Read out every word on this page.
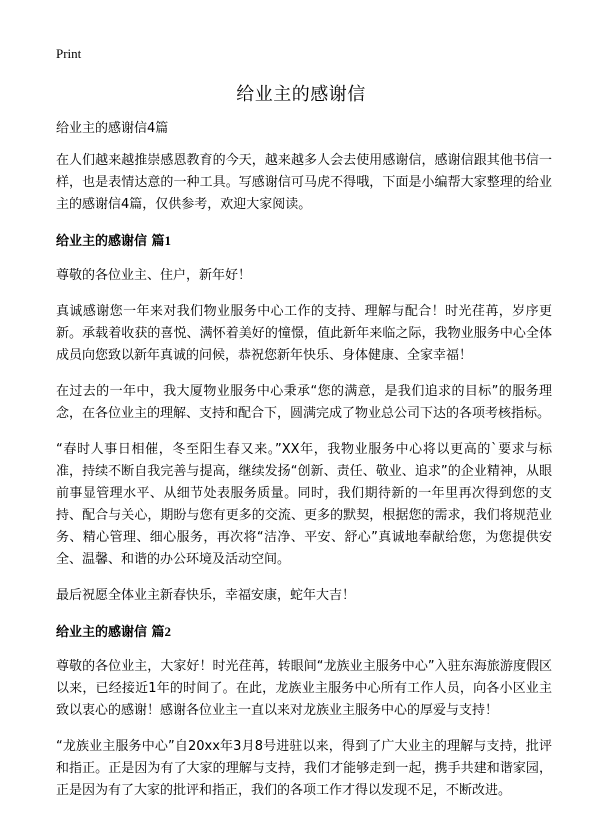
Print
给业主的感谢信

给业主的感谢信4篇

在人们越来越推崇感恩教育的今天，越来越多人会去使用感谢信，感谢信跟其他书信一样，也是表情达意的一种工具。写感谢信可马虎不得哦，下面是小编帮大家整理的给业主的感谢信4篇，仅供参考，欢迎大家阅读。

给业主的感谢信 篇1

尊敬的各位业主、住户，新年好！

真诚感谢您一年来对我们物业服务中心工作的支持、理解与配合！时光荏苒，岁序更新。承载着收获的喜悦、满怀着美好的憧憬，值此新年来临之际，我物业服务中心全体成员向您致以新年真诚的问候，恭祝您新年快乐、身体健康、全家幸福！

在过去的一年中，我大厦物业服务中心秉承“您的满意，是我们追求的目标”的服务理念，在各位业主的理解、支持和配合下，圆满完成了物业总公司下达的各项考核指标。

“春时人事日相催，冬至阳生春又来。”XX年，我物业服务中心将以更高的`要求与标准，持续不断自我完善与提高，继续发扬“创新、责任、敬业、追求”的企业精神，从眼前事显管理水平、从细节处表服务质量。同时，我们期待新的一年里再次得到您的支持、配合与关心，期盼与您有更多的交流、更多的默契，根据您的需求，我们将规范业务、精心管理、细心服务，再次将“洁净、平安、舒心”真诚地奉献给您，为您提供安全、温馨、和谐的办公环境及活动空间。

最后祝愿全体业主新春快乐，幸福安康，蛇年大吉！

给业主的感谢信 篇2

尊敬的各位业主，大家好！时光荏苒，转眼间“龙族业主服务中心”入驻东海旅游度假区以来，已经接近1年的时间了。在此，龙族业主服务中心所有工作人员，向各小区业主致以衷心的感谢！感谢各位业主一直以来对龙族业主服务中心的厚爱与支持！

“龙族业主服务中心”自20xx年3月8号进驻以来，得到了广大业主的理解与支持，批评和指正。正是因为有了大家的理解与支持，我们才能够走到一起，携手共建和谐家园，正是因为有了大家的批评和指正，我们的各项工作才得以发现不足，不断改进。
